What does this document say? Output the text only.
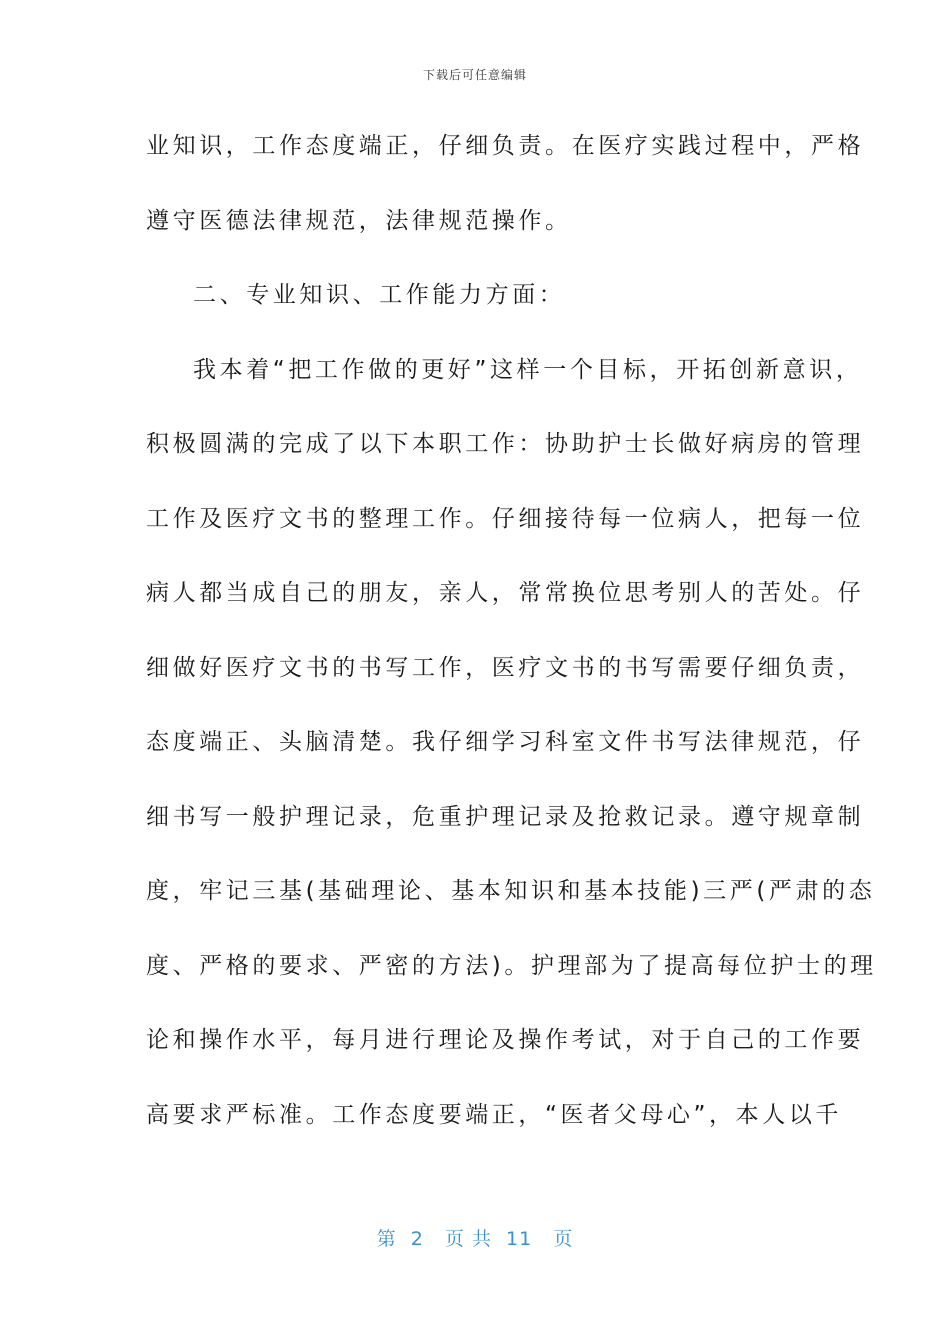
下载后可任意编辑
业知识，工作态度端正，仔细负责。在医疗实践过程中，严格
遵守医德法律规范，法律规范操作。
二、专业知识、工作能力方面：
我本着“把工作做的更好”这样一个目标，开拓创新意识，
积极圆满的完成了以下本职工作：协助护士长做好病房的管理
工作及医疗文书的整理工作。仔细接待每一位病人，把每一位
病人都当成自己的朋友，亲人，常常换位思考别人的苦处。仔
细做好医疗文书的书写工作，医疗文书的书写需要仔细负责，
态度端正、头脑清楚。我仔细学习科室文件书写法律规范，仔
细书写一般护理记录，危重护理记录及抢救记录。遵守规章制
度，牢记三基(基础理论、基本知识和基本技能)三严(严肃的态
度、严格的要求、严密的方法)。护理部为了提高每位护士的理
论和操作水平，每月进行理论及操作考试，对于自己的工作要
高要求严标准。工作态度要端正，“医者父母心”，本人以千
第  2   页 共  11   页
